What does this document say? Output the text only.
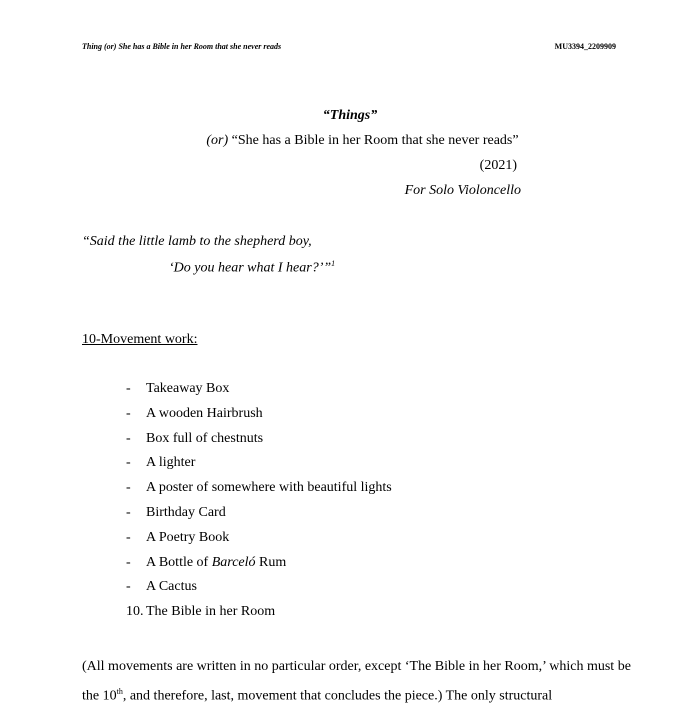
Thing (or) She has a Bible in her Room that she never reads	MU3394_2209909
“Things”
(or) “She has a Bible in her Room that she never reads”
(2021)
For Solo Violoncello
“Said the little lamb to the shepherd boy,
‘Do you hear what I hear?’”$^1$
10-Movement work:
- Takeaway Box
- A wooden Hairbrush
- Box full of chestnuts
- A lighter
- A poster of somewhere with beautiful lights
- Birthday Card
- A Poetry Book
- A Bottle of Barceló Rum
- A Cactus
10. The Bible in her Room
(All movements are written in no particular order, except ‘The Bible in her Room,’ which must be the 10th, and therefore, last, movement that concludes the piece.) The only structural
